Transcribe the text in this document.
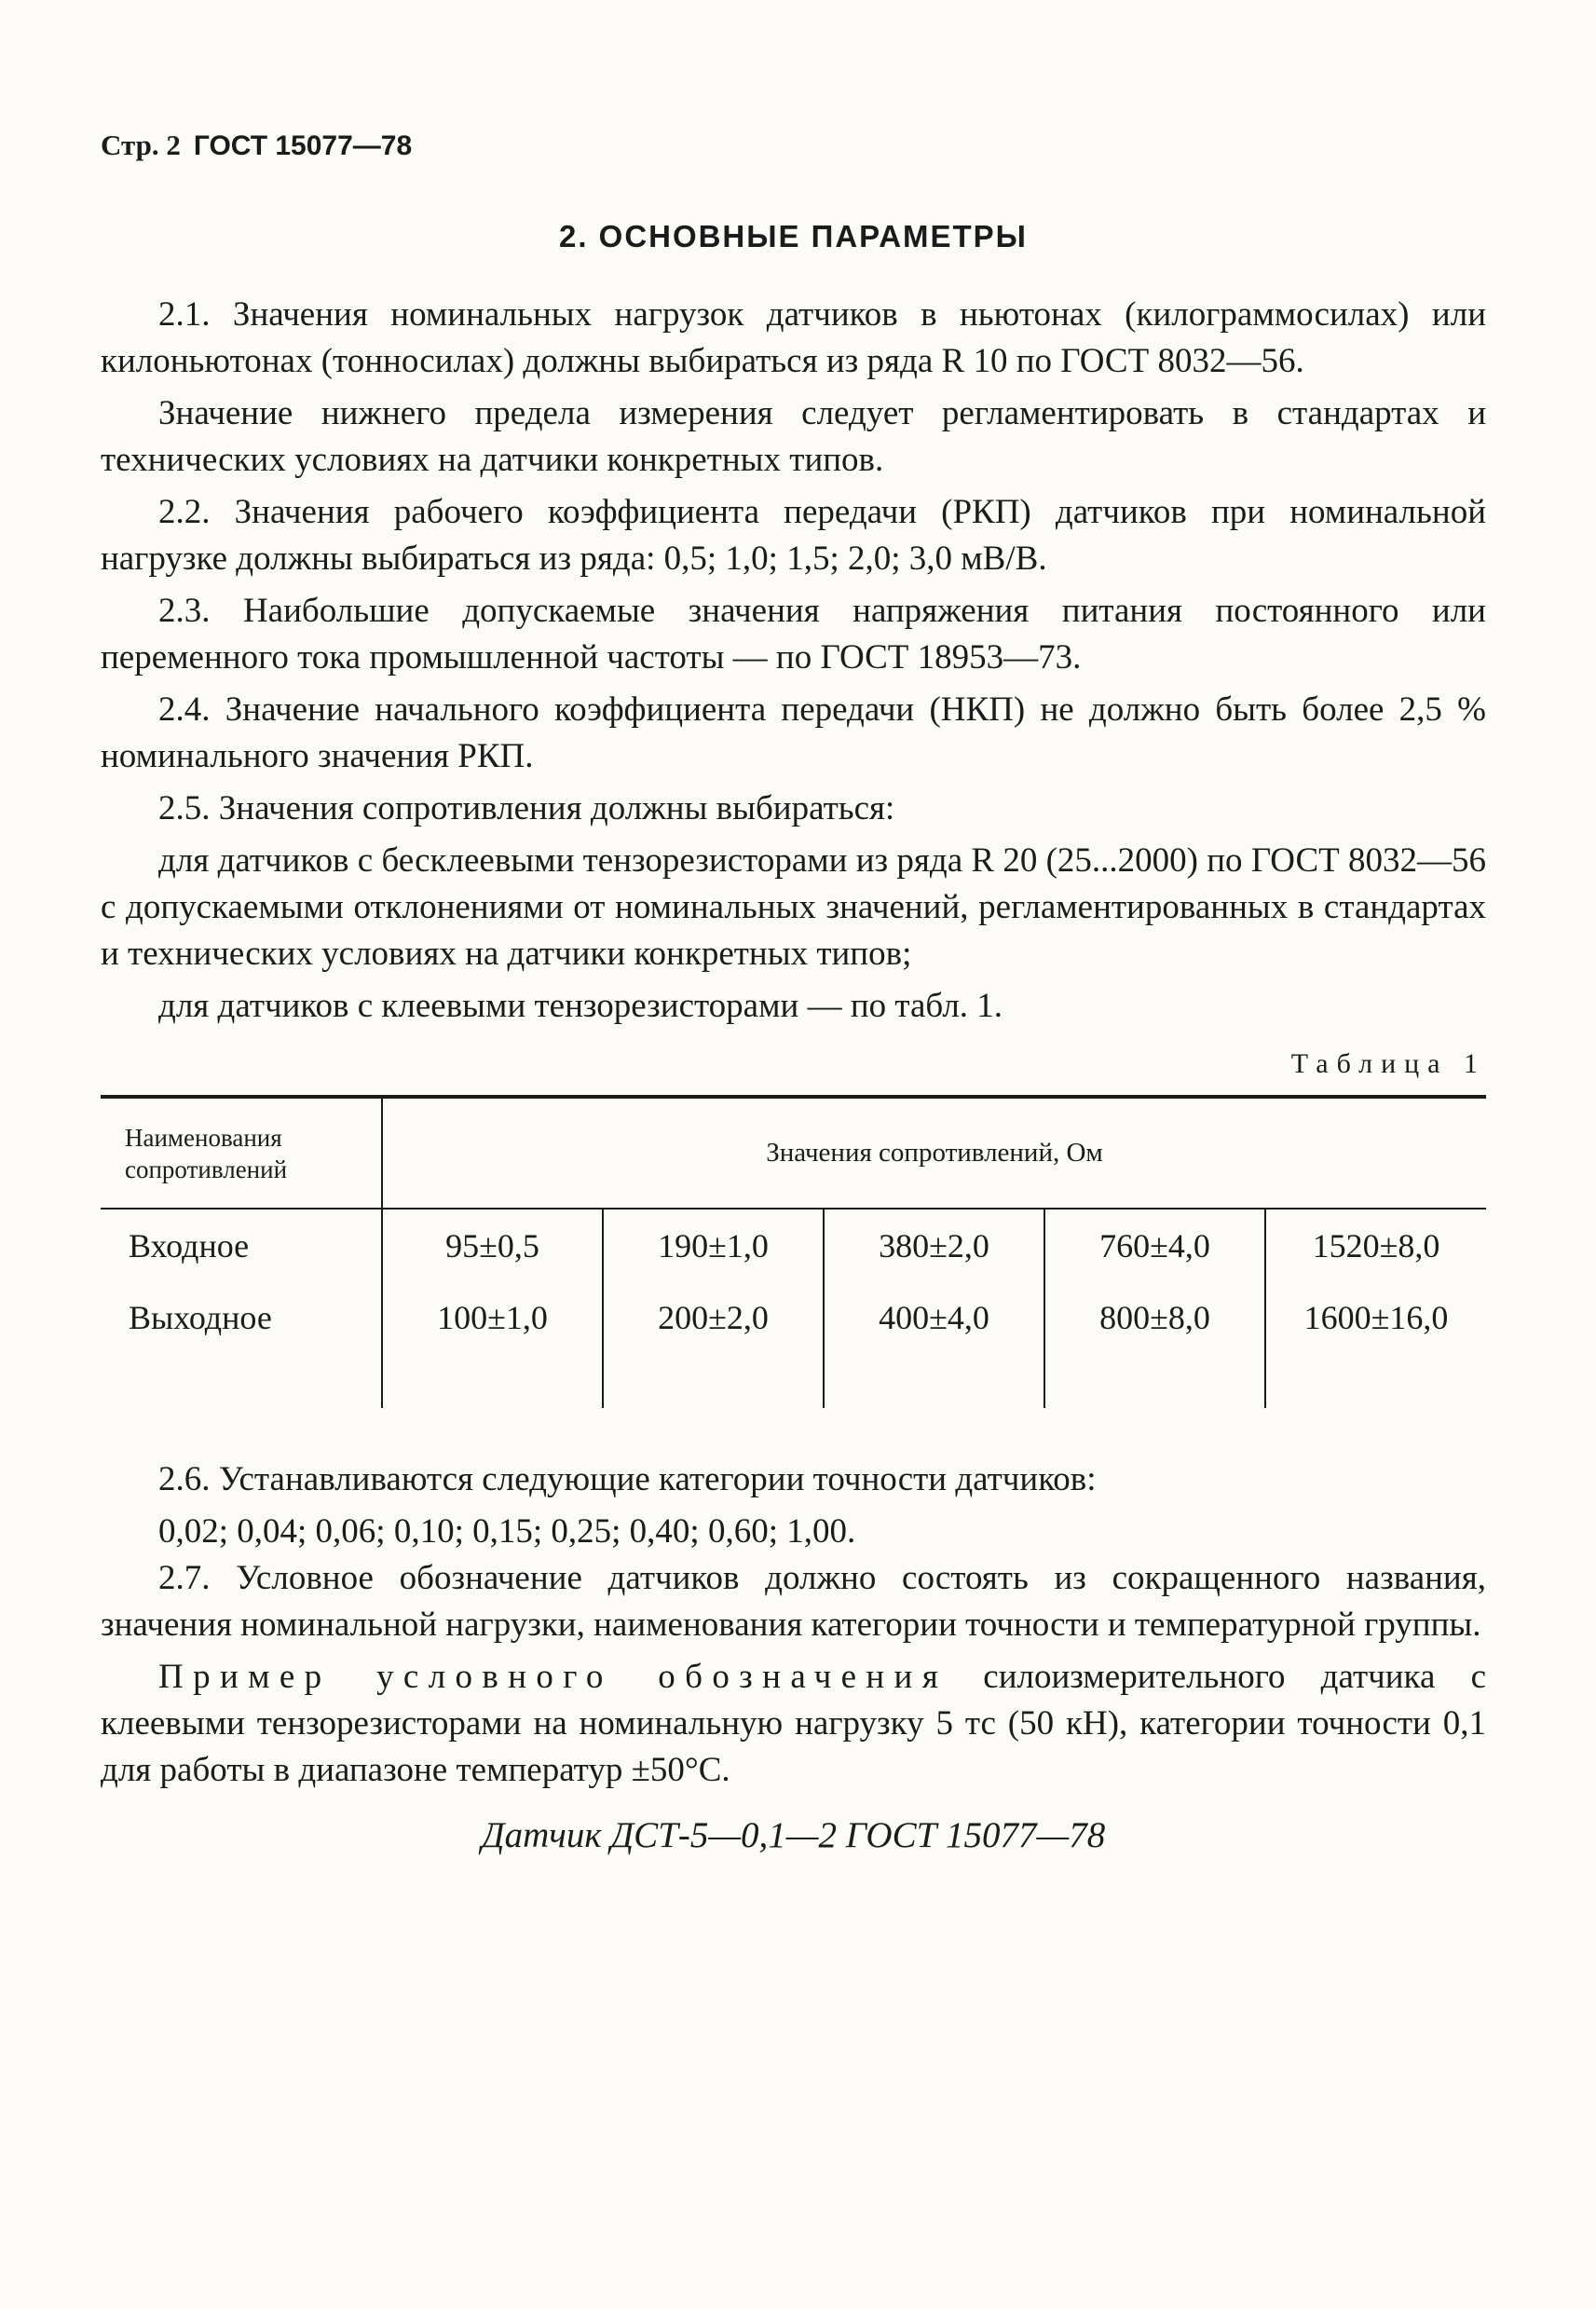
Стр. 2 ГОСТ 15077—78
2. ОСНОВНЫЕ ПАРАМЕТРЫ

2.1. Значения номинальных нагрузок датчиков в ньютонах (килограммосилах) или килоньютонах (тонносилах) должны выбираться из ряда R 10 по ГОСТ 8032—56.

Значение нижнего предела измерения следует регламентировать в стандартах и технических условиях на датчики конкретных типов.

2.2. Значения рабочего коэффициента передачи (РКП) датчиков при номинальной нагрузке должны выбираться из ряда: 0,5; 1,0; 1,5; 2,0; 3,0 мВ/В.

2.3. Наибольшие допускаемые значения напряжения питания постоянного или переменного тока промышленной частоты — по ГОСТ 18953—73.

2.4. Значение начального коэффициента передачи (НКП) не должно быть более 2,5 % номинального значения РКП.

2.5. Значения сопротивления должны выбираться:

для датчиков с бесклеевыми тензорезисторами из ряда R 20 (25...2000) по ГОСТ 8032—56 с допускаемыми отклонениями от номинальных значений, регламентированных в стандартах и технических условиях на датчики конкретных типов;

для датчиков с клеевыми тензорезисторами — по табл. 1.

Таблица 1
Наименования сопротивлений	Значения сопротивлений, Ом				
Входное	95±0,5	190±1,0	380±2,0	760±4,0	1520±8,0
Выходное	100±1,0	200±2,0	400±4,0	800±8,0	1600±16,0

2.6. Устанавливаются следующие категории точности датчиков:

0,02; 0,04; 0,06; 0,10; 0,15; 0,25; 0,40; 0,60; 1,00.

2.7. Условное обозначение датчиков должно состоять из сокращенного названия, значения номинальной нагрузки, наименования категории точности и температурной группы.

Пример условного обозначения силоизмерительного датчика с клеевыми тензорезисторами на номинальную нагрузку 5 тс (50 кН), категории точности 0,1 для работы в диапазоне температур ±50°С.

Датчик ДСТ-5—0,1—2 ГОСТ 15077—78
